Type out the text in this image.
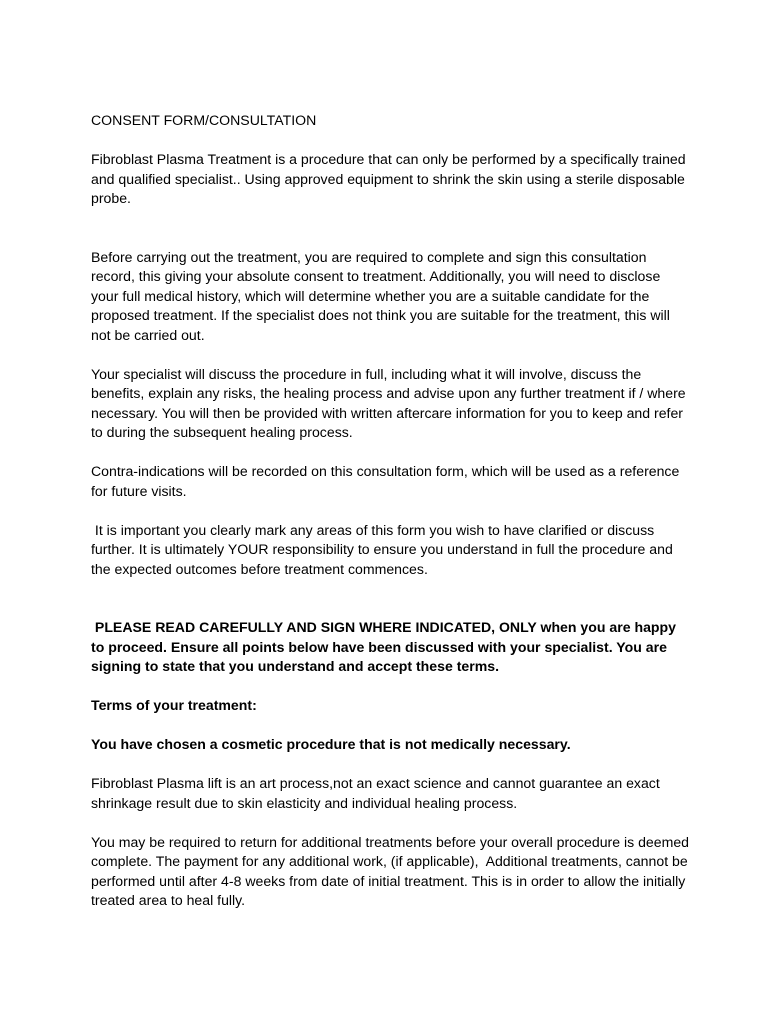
CONSENT FORM/CONSULTATION

Fibroblast Plasma Treatment is a procedure that can only be performed by a specifically trained and qualified specialist.. Using approved equipment to shrink the skin using a sterile disposable probe.

Before carrying out the treatment, you are required to complete and sign this consultation record, this giving your absolute consent to treatment. Additionally, you will need to disclose your full medical history, which will determine whether you are a suitable candidate for the proposed treatment. If the specialist does not think you are suitable for the treatment, this will not be carried out.

Your specialist will discuss the procedure in full, including what it will involve, discuss the benefits, explain any risks, the healing process and advise upon any further treatment if / where necessary. You will then be provided with written aftercare information for you to keep and refer to during the subsequent healing process.

Contra-indications will be recorded on this consultation form, which will be used as a reference for future visits.

It is important you clearly mark any areas of this form you wish to have clarified or discuss further. It is ultimately YOUR responsibility to ensure you understand in full the procedure and the expected outcomes before treatment commences.

PLEASE READ CAREFULLY AND SIGN WHERE INDICATED, ONLY when you are happy to proceed. Ensure all points below have been discussed with your specialist. You are signing to state that you understand and accept these terms.

Terms of your treatment:

You have chosen a cosmetic procedure that is not medically necessary.

Fibroblast Plasma lift is an art process,not an exact science and cannot guarantee an exact shrinkage result due to skin elasticity and individual healing process.

You may be required to return for additional treatments before your overall procedure is deemed complete. The payment for any additional work, (if applicable),  Additional treatments, cannot be performed until after 4-8 weeks from date of initial treatment. This is in order to allow the initially treated area to heal fully.
